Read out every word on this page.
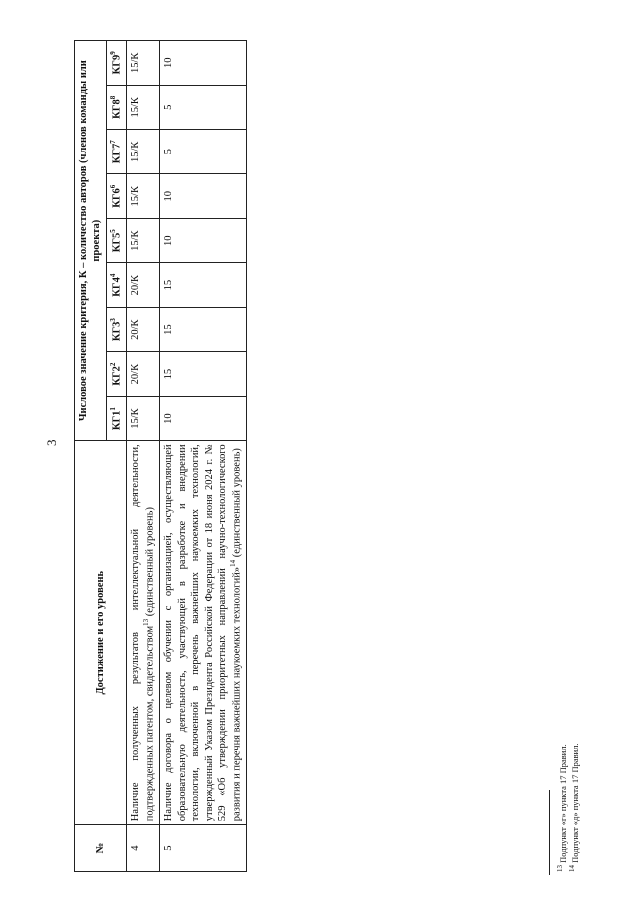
3
№	Достижение и его уровень	Числовое значение критерия, К – количество авторов (членов команды или проекта)								
		$КГ1^1$	$КГ2^2$	$КГ3^3$	$КГ4^4$	$КГ5^5$	$КГ6^6$	$КГ7^7$	$КГ8^8$	$КГ9^9$
4	Наличие полученных результатов интеллектуальной деятельности, подтвержденных патентом, свидетельством$^{13}$ (единственный уровень)	15/К	20/К	20/К	20/К	15/К	15/К	15/К	15/К	15/К
5	Наличие договора о целевом обучении с организацией, осуществляющей образовательную деятельность, участвующей в разработке и внедрении технологии, включенной в перечень важнейших наукоемких технологий, утвержденный Указом Президента Российской Федерации от 18 июня 2024 г. № 529 «Об утверждении приоритетных направлений научно-технологического развития и перечня важнейших наукоемких технологий»$^{14}$ (единственный уровень)	10	15	15	15	10	10	5	5	10
$^{13}$ Подпункт «г» пункта 17 Правил.
$^{14}$ Подпункт «д» пункта 17 Правил.
